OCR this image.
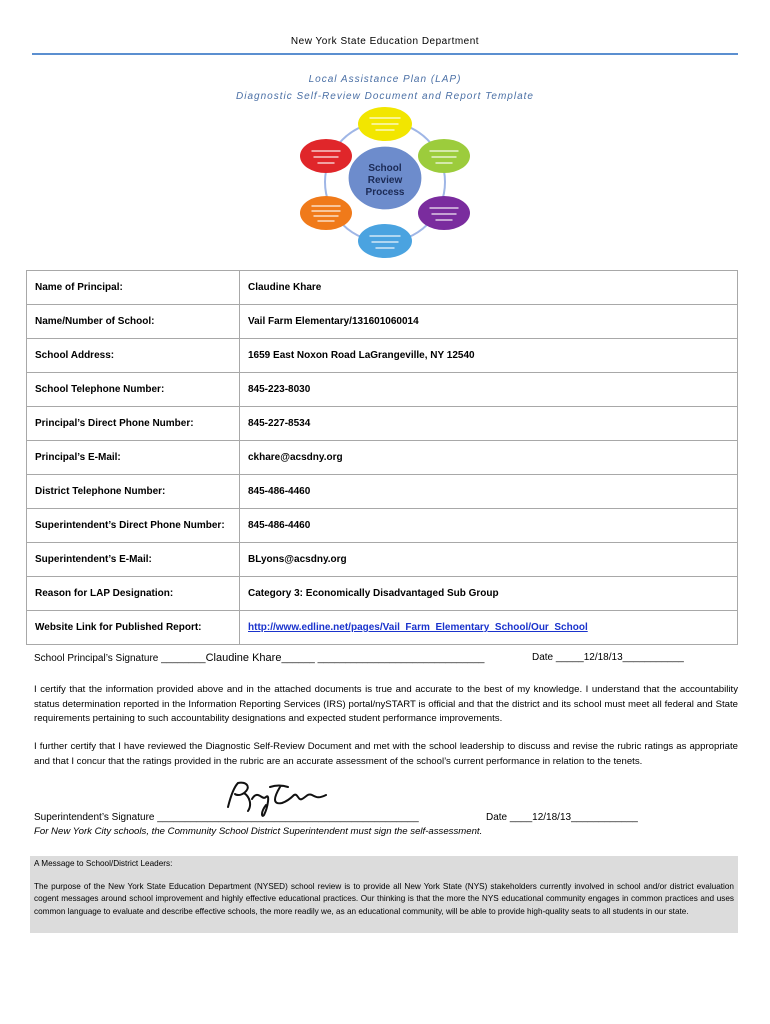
New York State Education Department
Local Assistance Plan (LAP)
Diagnostic Self-Review Document and Report Template
School
Review
Process
Name of Principal:	Claudine Khare
Name/Number of School:	Vail Farm Elementary/131601060014
School Address:	1659 East Noxon Road LaGrangeville, NY 12540
School Telephone Number:	845-223-8030
Principal’s Direct Phone Number:	845-227-8534
Principal’s E-Mail:	ckhare@acsdny.org
District Telephone Number:	845-486-4460
Superintendent’s Direct Phone Number:	845-486-4460
Superintendent’s E-Mail:	BLyons@acsdny.org
Reason for LAP Designation:	Category 3: Economically Disadvantaged Sub Group
Website Link for Published Report:	http://www.edline.net/pages/Vail_Farm_Elementary_School/Our_School
School Principal’s Signature ________Claudine Khare______ ______________________________	Date _____12/18/13___________
I certify that the information provided above and in the attached documents is true and accurate to the best of my knowledge. I understand that the accountability status determination reported in the Information Reporting Services (IRS) portal/nySTART is official and that the district and its school must meet all federal and State requirements pertaining to such accountability designations and expected student performance improvements.
I further certify that I have reviewed the Diagnostic Self-Review Document and met with the school leadership to discuss and revise the rubric ratings as appropriate and that I concur that the ratings provided in the rubric are an accurate assessment of the school’s current performance in relation to the tenets.
Superintendent’s Signature _______________________________________________	Date ____12/18/13____________
For New York City schools, the Community School District Superintendent must sign the self-assessment.
A Message to School/District Leaders:
The purpose of the New York State Education Department (NYSED) school review is to provide all New York State (NYS) stakeholders currently involved in school and/or district evaluation cogent messages around school improvement and highly effective educational practices. Our thinking is that the more the NYS educational community engages in common practices and uses common language to evaluate and describe effective schools, the more readily we, as an educational community, will be able to provide high-quality seats to all students in our state.
